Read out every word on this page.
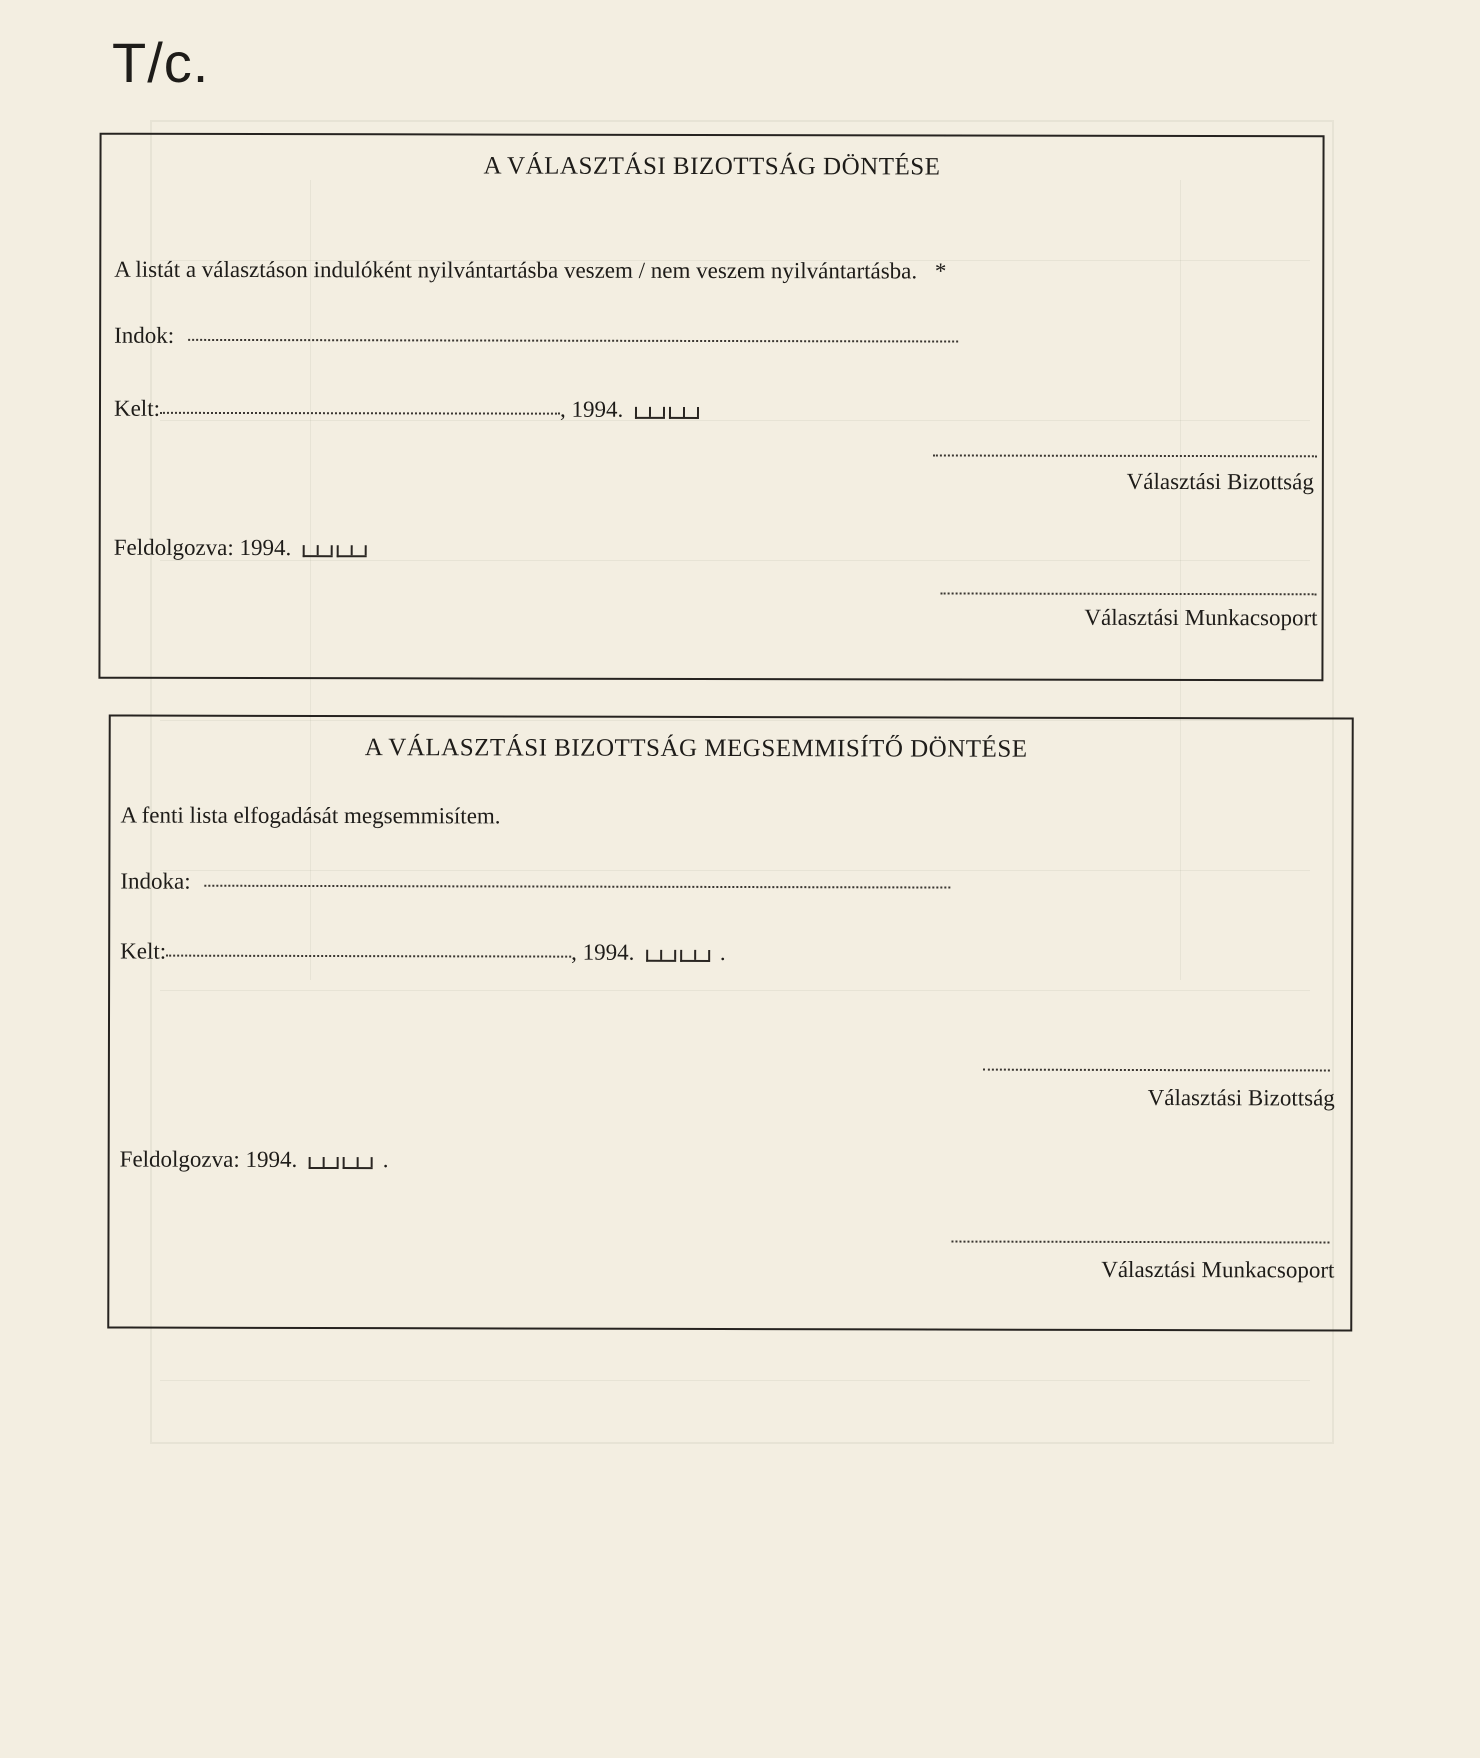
T/c.
A VÁLASZTÁSI BIZOTTSÁG DÖNTÉSE
A listát a választáson indulóként nyilvántartásba veszem / nem veszem nyilvántartásba. *
Indok:
Kelt:	, 1994.
Választási Bizottság
Feldolgozva: 1994.
Választási Munkacsoport
A VÁLASZTÁSI BIZOTTSÁG MEGSEMMISÍTŐ DÖNTÉSE
A fenti lista elfogadását megsemmisítem.
Indoka:
Kelt:	, 1994.	.
Választási Bizottság
Feldolgozva: 1994.	.
Választási Munkacsoport
